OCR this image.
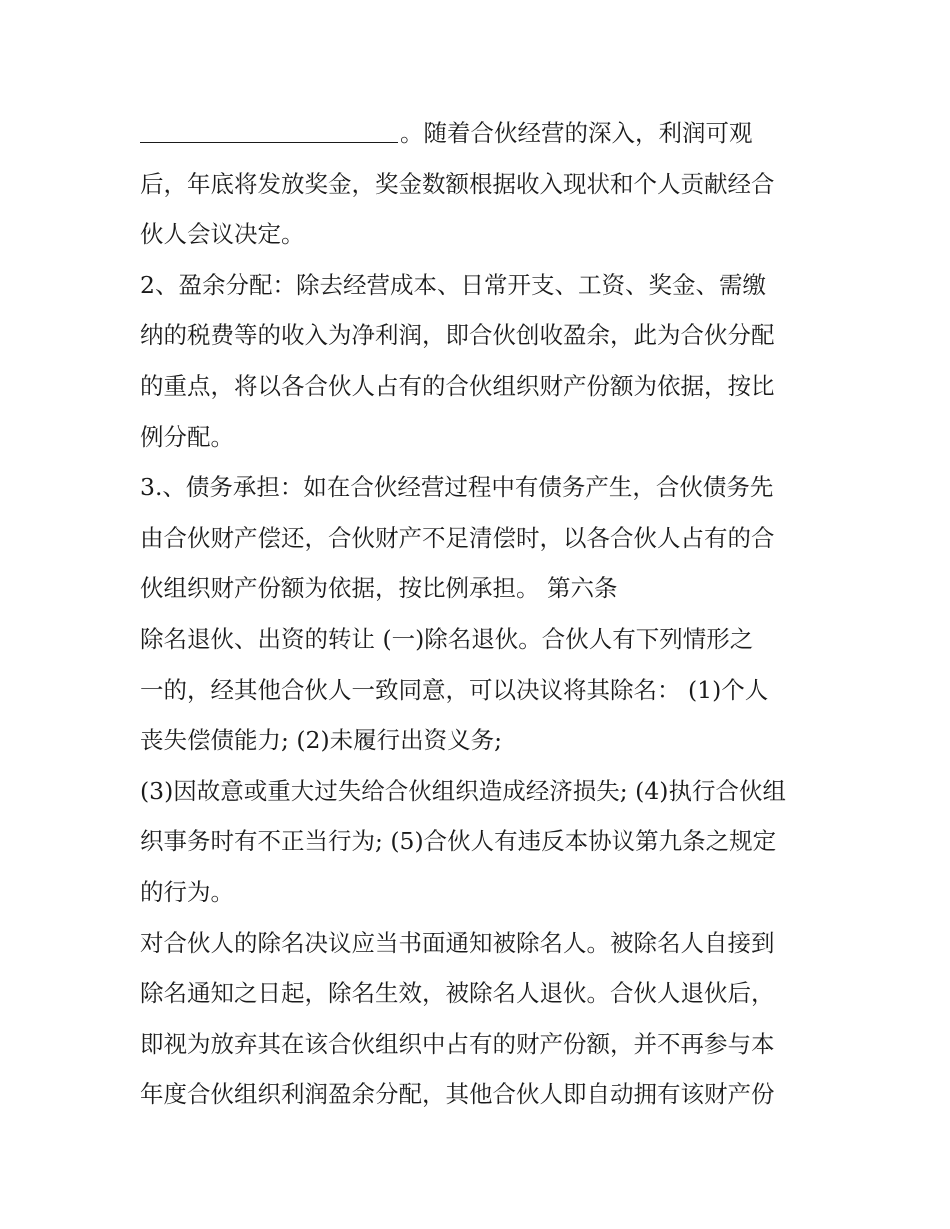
。随着合伙经营的深入，利润可观
后，年底将发放奖金，奖金数额根据收入现状和个人贡献经合
伙人会议决定。
2、盈余分配：除去经营成本、日常开支、工资、奖金、需缴
纳的税费等的收入为净利润，即合伙创收盈余，此为合伙分配
的重点，将以各合伙人占有的合伙组织财产份额为依据，按比
例分配。
3.、债务承担：如在合伙经营过程中有债务产生，合伙债务先
由合伙财产偿还，合伙财产不足清偿时，以各合伙人占有的合
伙组织财产份额为依据，按比例承担。 第六条
除名退伙、出资的转让 (一)除名退伙。合伙人有下列情形之
一的，经其他合伙人一致同意，可以决议将其除名： (1)个人
丧失偿债能力; (2)未履行出资义务;
(3)因故意或重大过失给合伙组织造成经济损失; (4)执行合伙组
织事务时有不正当行为; (5)合伙人有违反本协议第九条之规定
的行为。
对合伙人的除名决议应当书面通知被除名人。被除名人自接到
除名通知之日起，除名生效，被除名人退伙。合伙人退伙后，
即视为放弃其在该合伙组织中占有的财产份额，并不再参与本
年度合伙组织利润盈余分配，其他合伙人即自动拥有该财产份
